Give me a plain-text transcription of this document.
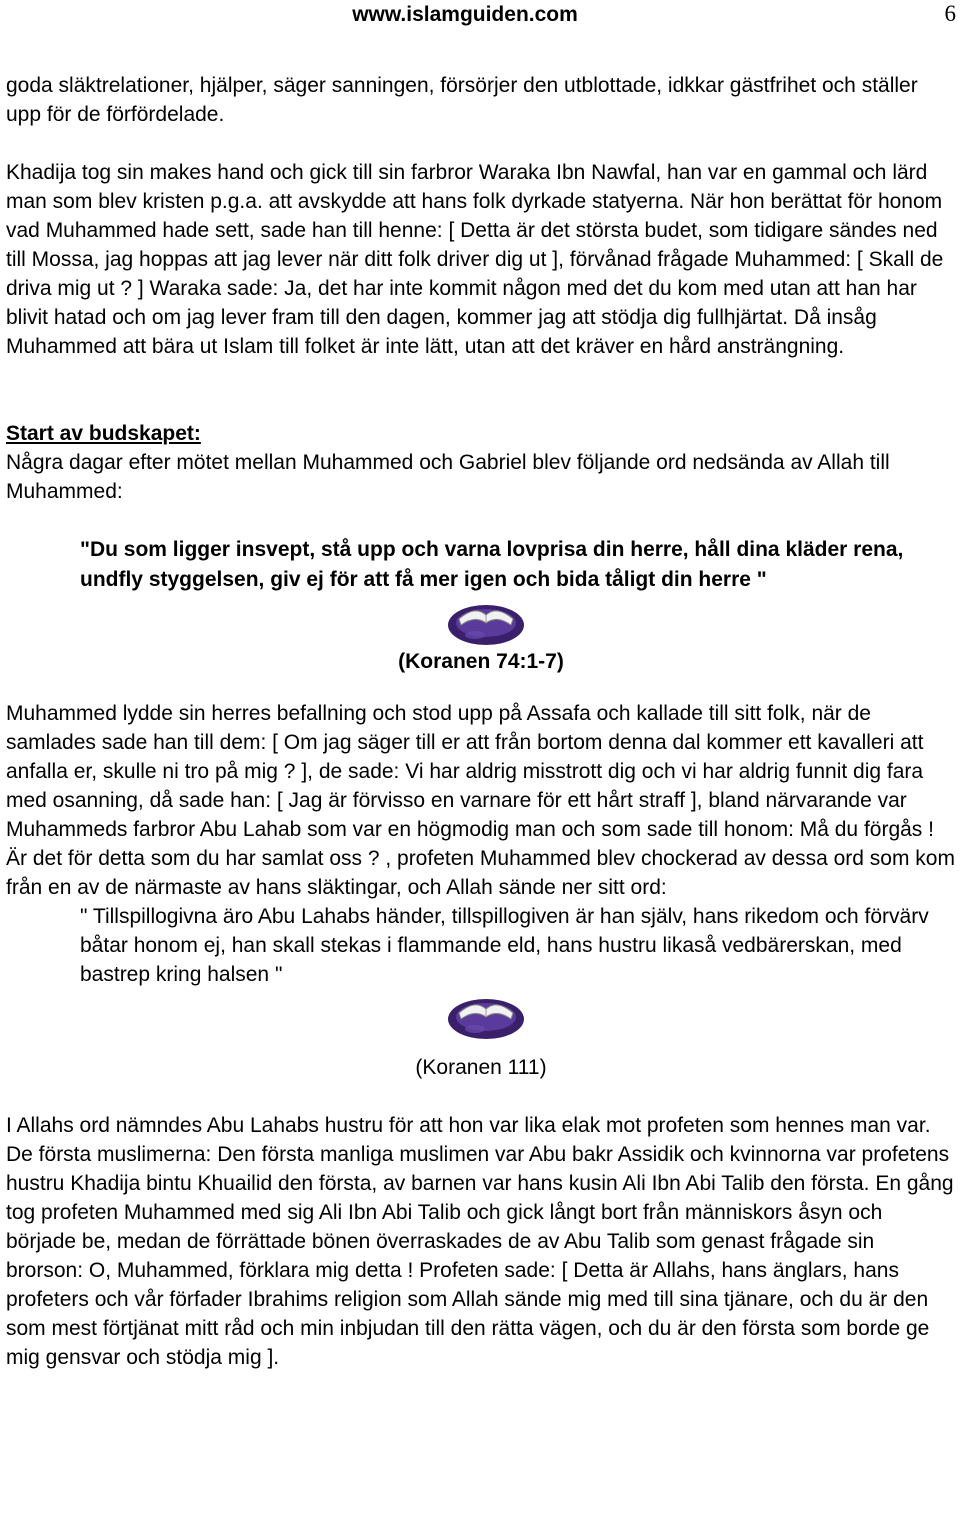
www.islamguiden.com	6

goda släktrelationer, hjälper, säger sanningen, försörjer den utblottade, idkkar gästfrihet och ställer upp för de förfördelade.

Khadija tog sin makes hand och gick till sin farbror Waraka Ibn Nawfal, han var en gammal och lärd man som blev kristen p.g.a. att avskydde att hans folk dyrkade statyerna. När hon berättat för honom vad Muhammed hade sett, sade han till henne: [ Detta är det största budet, som tidigare sändes ned till Mossa, jag hoppas att jag lever när ditt folk driver dig ut ], förvånad frågade Muhammed: [ Skall de driva mig ut ? ] Waraka sade: Ja, det har inte kommit någon med det du kom med utan att han har blivit hatad och om jag lever fram till den dagen, kommer jag att stödja dig fullhjärtat. Då insåg Muhammed att bära ut Islam till folket är inte lätt, utan att det kräver en hård ansträngning.

Start av budskapet:

Några dagar efter mötet mellan Muhammed och Gabriel blev följande ord nedsända av Allah till Muhammed:

"Du som ligger insvept, stå upp och varna lovprisa din herre, håll dina kläder rena, undfly styggelsen, giv ej för att få mer igen och bida tåligt din herre "

(Koranen 74:1-7)

Muhammed lydde sin herres befallning och stod upp på Assafa och kallade till sitt folk, när de samlades sade han till dem: [ Om jag säger till er att från bortom denna dal kommer ett kavalleri att anfalla er, skulle ni tro på mig ? ], de sade: Vi har aldrig misstrott dig och vi har aldrig funnit dig fara med osanning, då sade han: [ Jag är förvisso en varnare för ett hårt straff ], bland närvarande var Muhammeds farbror Abu Lahab som var en högmodig man och som sade till honom: Må du förgås ! Är det för detta som du har samlat oss ? , profeten Muhammed blev chockerad av dessa ord som kom från en av de närmaste av hans släktingar, och Allah sände ner sitt ord:

" Tillspillogivna äro Abu Lahabs händer, tillspillogiven är han själv, hans rikedom och förvärv båtar honom ej, han skall stekas i flammande eld, hans hustru likaså vedbärerskan, med bastrep kring halsen "

(Koranen 111)

I Allahs ord nämndes Abu Lahabs hustru för att hon var lika elak mot profeten som hennes man var. De första muslimerna: Den första manliga muslimen var Abu bakr Assidik och kvinnorna var profetens hustru Khadija bintu Khuailid den första, av barnen var hans kusin Ali Ibn Abi Talib den första. En gång tog profeten Muhammed med sig Ali Ibn Abi Talib och gick långt bort från människors åsyn och började be, medan de förrättade bönen överraskades de av Abu Talib som genast frågade sin brorson: O, Muhammed, förklara mig detta ! Profeten sade: [ Detta är Allahs, hans änglars, hans profeters och vår förfader Ibrahims religion som Allah sände mig med till sina tjänare, och du är den som mest förtjänat mitt råd och min inbjudan till den rätta vägen, och du är den första som borde ge mig gensvar och stödja mig ].
